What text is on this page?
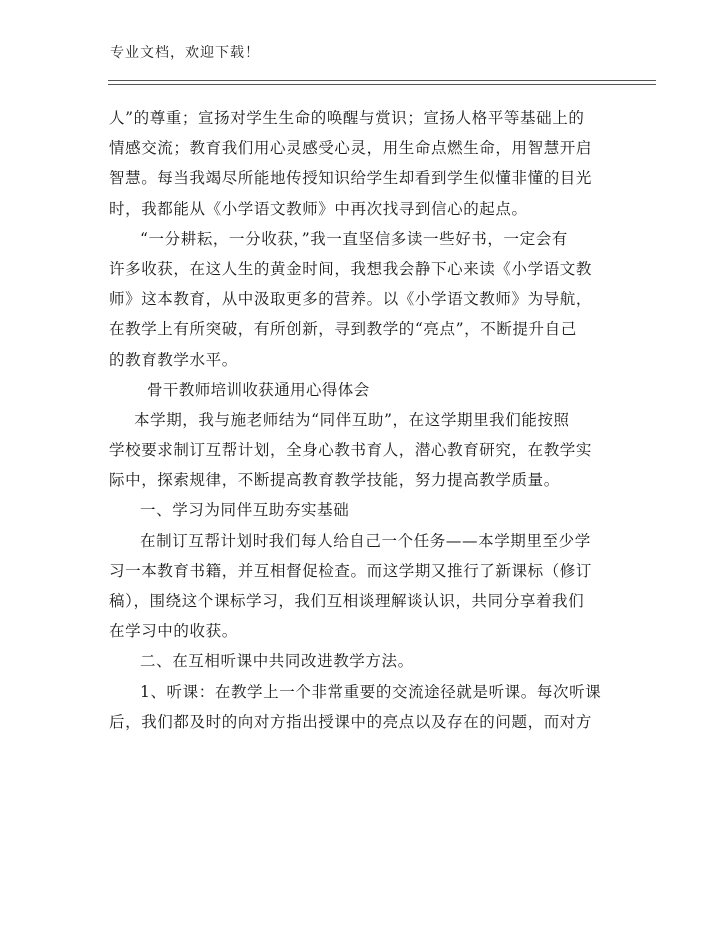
专业文档，欢迎下载！
人”的尊重；宣扬对学生生命的唤醒与赏识；宣扬人格平等基础上的
情感交流；教育我们用心灵感受心灵，用生命点燃生命，用智慧开启
智慧。每当我竭尽所能地传授知识给学生却看到学生似懂非懂的目光
时，我都能从《小学语文教师》中再次找寻到信心的起点。
“一分耕耘，一分收获，”我一直坚信多读一些好书，一定会有
许多收获，在这人生的黄金时间，我想我会静下心来读《小学语文教
师》这本教育，从中汲取更多的营养。以《小学语文教师》为导航，
在教学上有所突破，有所创新，寻到教学的“亮点”，不断提升自己
的教育教学水平。
骨干教师培训收获通用心得体会
本学期，我与施老师结为“同伴互助”，在这学期里我们能按照
学校要求制订互帮计划，全身心教书育人，潜心教育研究，在教学实
际中，探索规律，不断提高教育教学技能，努力提高教学质量。
一、学习为同伴互助夯实基础
在制订互帮计划时我们每人给自己一个任务——本学期里至少学
习一本教育书籍，并互相督促检查。而这学期又推行了新课标（修订
稿），围绕这个课标学习，我们互相谈理解谈认识，共同分享着我们
在学习中的收获。
二、在互相听课中共同改进教学方法。
1、听课：在教学上一个非常重要的交流途径就是听课。每次听课
后，我们都及时的向对方指出授课中的亮点以及存在的问题，而对方
